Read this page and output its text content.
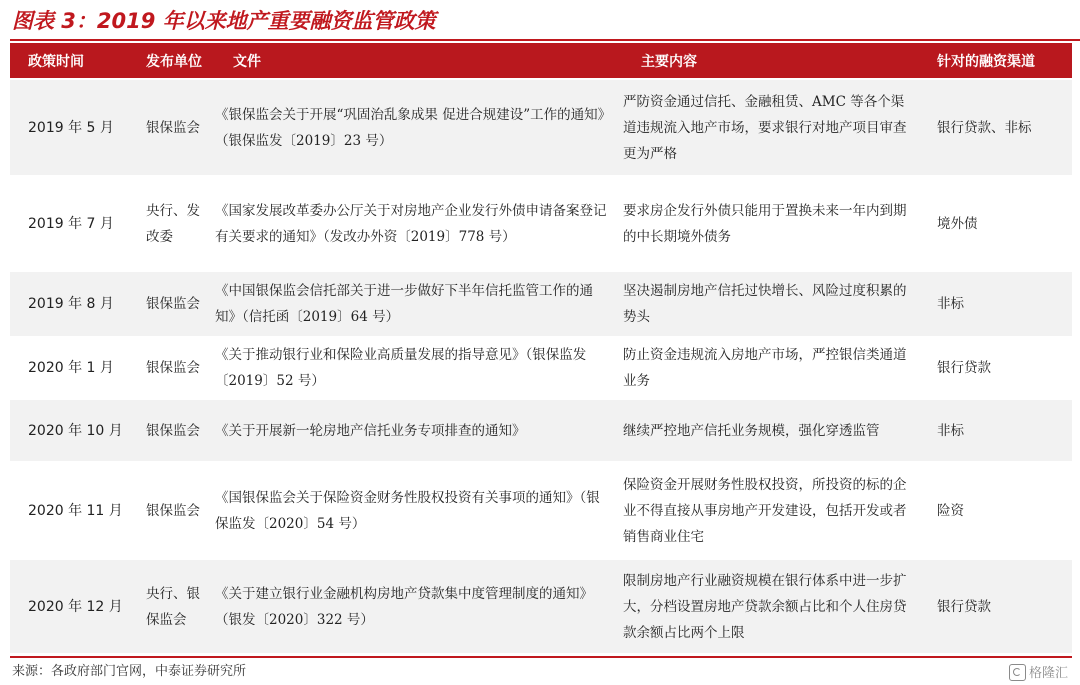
图表 3：2019 年以来地产重要融资监管政策
政策时间	发布单位	文件	主要内容	针对的融资渠道
2019 年 5 月	银保监会	《银保监会关于开展“巩固治乱象成果 促进合规建设”工作的通知》（银保监发〔2019〕23 号）	严防资金通过信托、金融租赁、AMC 等各个渠道违规流入地产市场，要求银行对地产项目审查更为严格	银行贷款、非标
2019 年 7 月	央行、发改委	《国家发展改革委办公厅关于对房地产企业发行外债申请备案登记有关要求的通知》（发改办外资〔2019〕778 号）	要求房企发行外债只能用于置换未来一年内到期的中长期境外债务	境外债
2019 年 8 月	银保监会	《中国银保监会信托部关于进一步做好下半年信托监管工作的通知》（信托函〔2019〕64 号）	坚决遏制房地产信托过快增长、风险过度积累的势头	非标
2020 年 1 月	银保监会	《关于推动银行业和保险业高质量发展的指导意见》（银保监发〔2019〕52 号）	防止资金违规流入房地产市场，严控银信类通道业务	银行贷款
2020 年 10 月	银保监会	《关于开展新一轮房地产信托业务专项排查的通知》	继续严控地产信托业务规模，强化穿透监管	非标
2020 年 11 月	银保监会	《国银保监会关于保险资金财务性股权投资有关事项的通知》（银保监发〔2020〕54 号）	保险资金开展财务性股权投资，所投资的标的企业不得直接从事房地产开发建设，包括开发或者销售商业住宅	险资
2020 年 12 月	央行、银保监会	《关于建立银行业金融机构房地产贷款集中度管理制度的通知》（银发〔2020〕322 号）	限制房地产行业融资规模在银行体系中进一步扩大，分档设置房地产贷款余额占比和个人住房贷款余额占比两个上限	银行贷款
来源：各政府部门官网，中泰证券研究所	格隆汇
